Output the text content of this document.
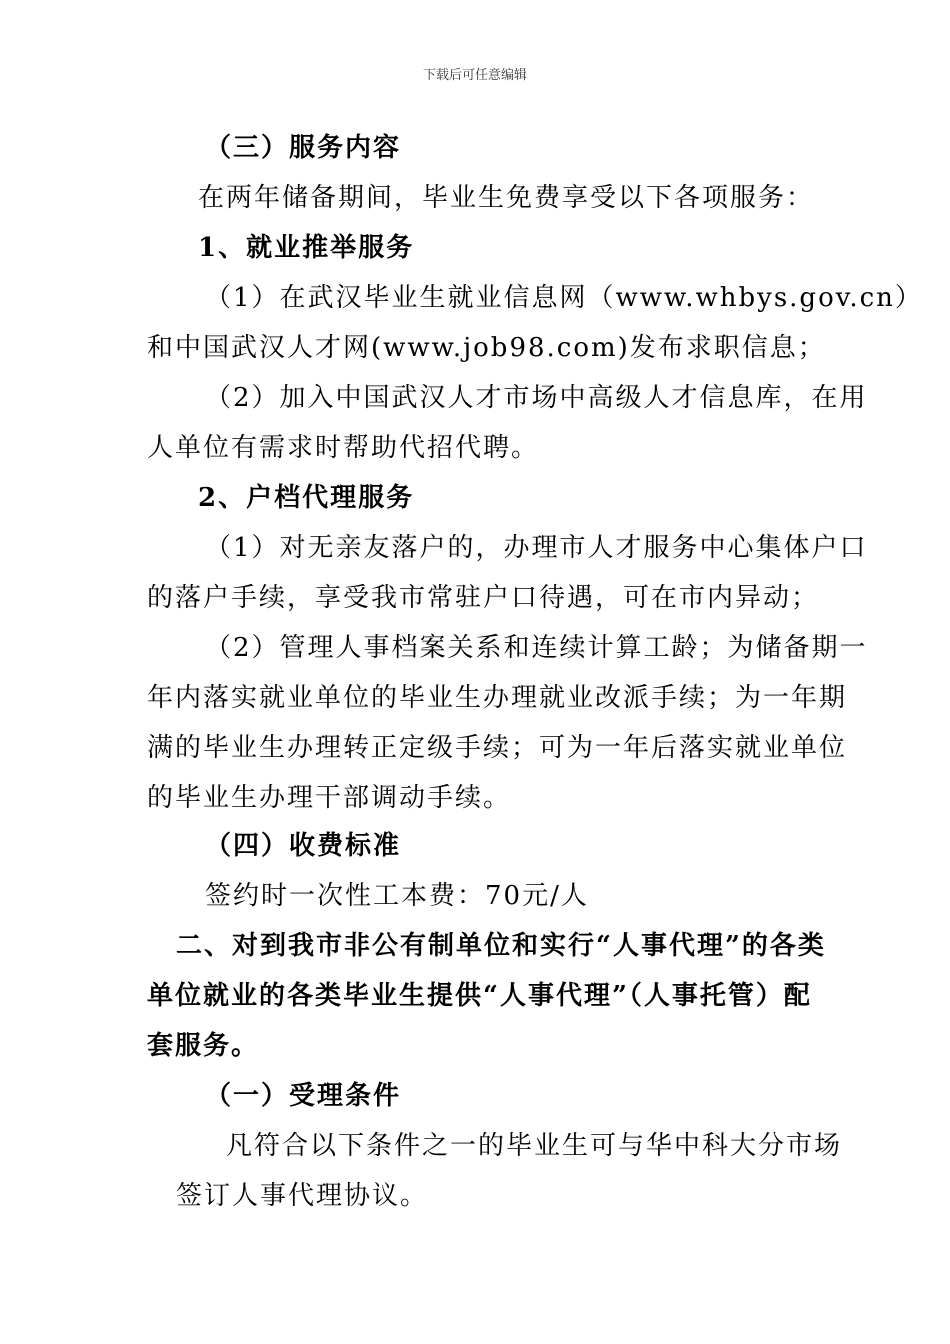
下载后可任意编辑
（三）服务内容
在两年储备期间，毕业生免费享受以下各项服务：
1、就业推举服务
（1）在武汉毕业生就业信息网（www.whbys.gov.cn）
和中国武汉人才网(www.job98.com)发布求职信息；
（2）加入中国武汉人才市场中高级人才信息库，在用
人单位有需求时帮助代招代聘。
2、户档代理服务
（1）对无亲友落户的，办理市人才服务中心集体户口
的落户手续，享受我市常驻户口待遇，可在市内异动；
（2）管理人事档案关系和连续计算工龄；为储备期一
年内落实就业单位的毕业生办理就业改派手续；为一年期
满的毕业生办理转正定级手续；可为一年后落实就业单位
的毕业生办理干部调动手续。
（四）收费标准
签约时一次性工本费：70元/人
二、对到我市非公有制单位和实行“人事代理”的各类
单位就业的各类毕业生提供“人事代理”（人事托管）配
套服务。
（一）受理条件
凡符合以下条件之一的毕业生可与华中科大分市场
签订人事代理协议。
